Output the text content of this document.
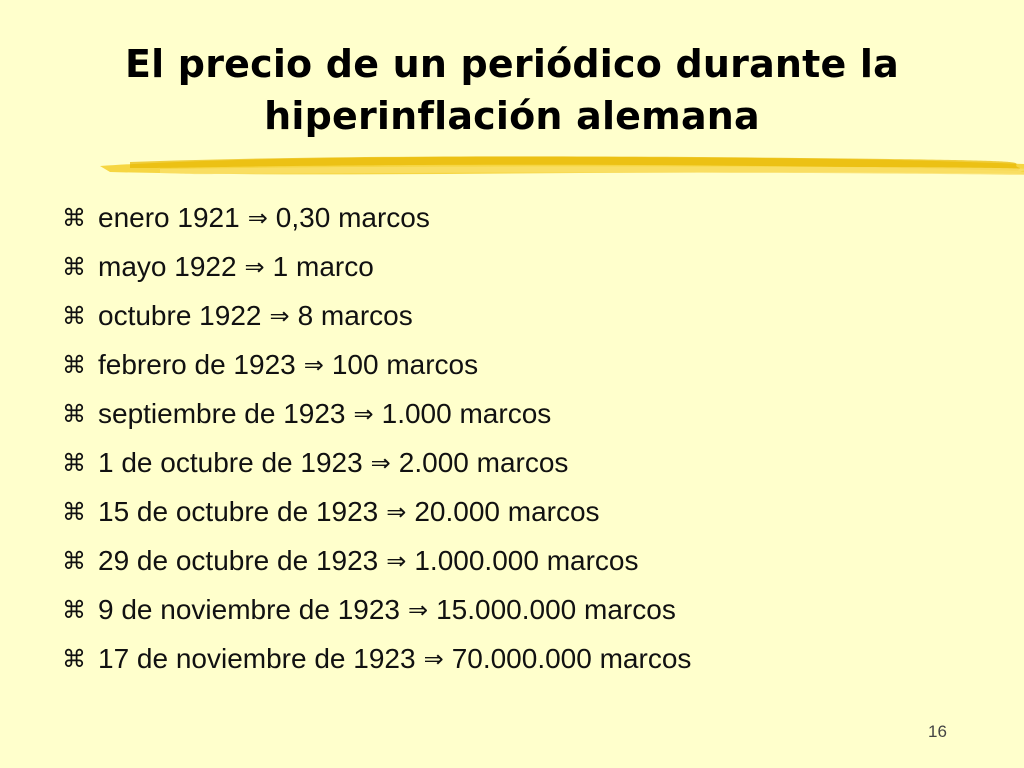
El precio de un periódico durante la hiperinflación alemana
⌘ enero 1921 ⇒ 0,30 marcos
⌘ mayo 1922 ⇒ 1 marco
⌘ octubre 1922 ⇒ 8 marcos
⌘ febrero de 1923 ⇒ 100 marcos
⌘ septiembre de 1923 ⇒ 1.000 marcos
⌘ 1 de octubre de 1923 ⇒ 2.000 marcos
⌘ 15 de octubre de 1923 ⇒ 20.000 marcos
⌘ 29 de octubre de 1923 ⇒ 1.000.000 marcos
⌘ 9 de noviembre de 1923 ⇒ 15.000.000 marcos
⌘ 17 de noviembre de 1923 ⇒ 70.000.000 marcos
16
